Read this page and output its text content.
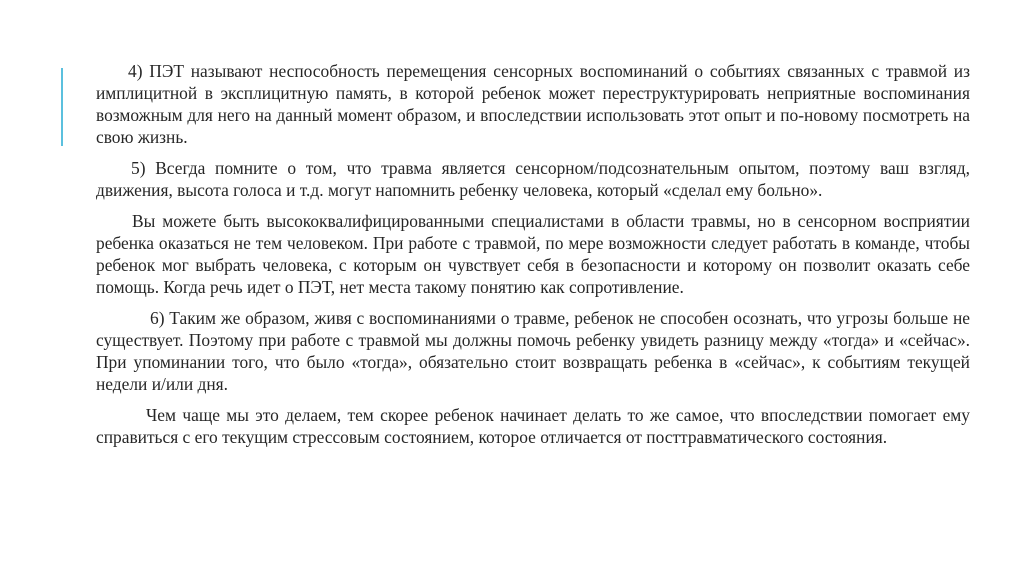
4) ПЭТ называют неспособность перемещения сенсорных воспоминаний о событиях связанных с травмой из имплицитной в эксплицитную память, в которой ребенок может переструктурировать неприятные воспоминания возможным для него на данный момент образом, и впоследствии использовать этот опыт и по-новому посмотреть на свою жизнь.

5) Всегда помните о том, что травма является сенсорном/подсознательным опытом, поэтому ваш взгляд, движения, высота голоса и т.д. могут напомнить ребенку человека, который «сделал ему больно».

Вы можете быть высококвалифицированными специалистами в области травмы, но в сенсорном восприятии ребенка оказаться не тем человеком. При работе с травмой, по мере возможности следует работать в команде, чтобы ребенок мог выбрать человека, с которым он чувствует себя в безопасности и которому он позволит оказать себе помощь. Когда речь идет о ПЭТ, нет места такому понятию как сопротивление.

6) Таким же образом, живя с воспоминаниями о травме, ребенок не способен осознать, что угрозы больше не существует. Поэтому при работе с травмой мы должны помочь ребенку увидеть разницу между «тогда» и «сейчас». При упоминании того, что было «тогда», обязательно стоит возвращать ребенка в «сейчас», к событиям текущей недели и/или дня.

Чем чаще мы это делаем, тем скорее ребенок начинает делать то же самое, что впоследствии помогает ему справиться с его текущим стрессовым состоянием, которое отличается от посттравматического состояния.
